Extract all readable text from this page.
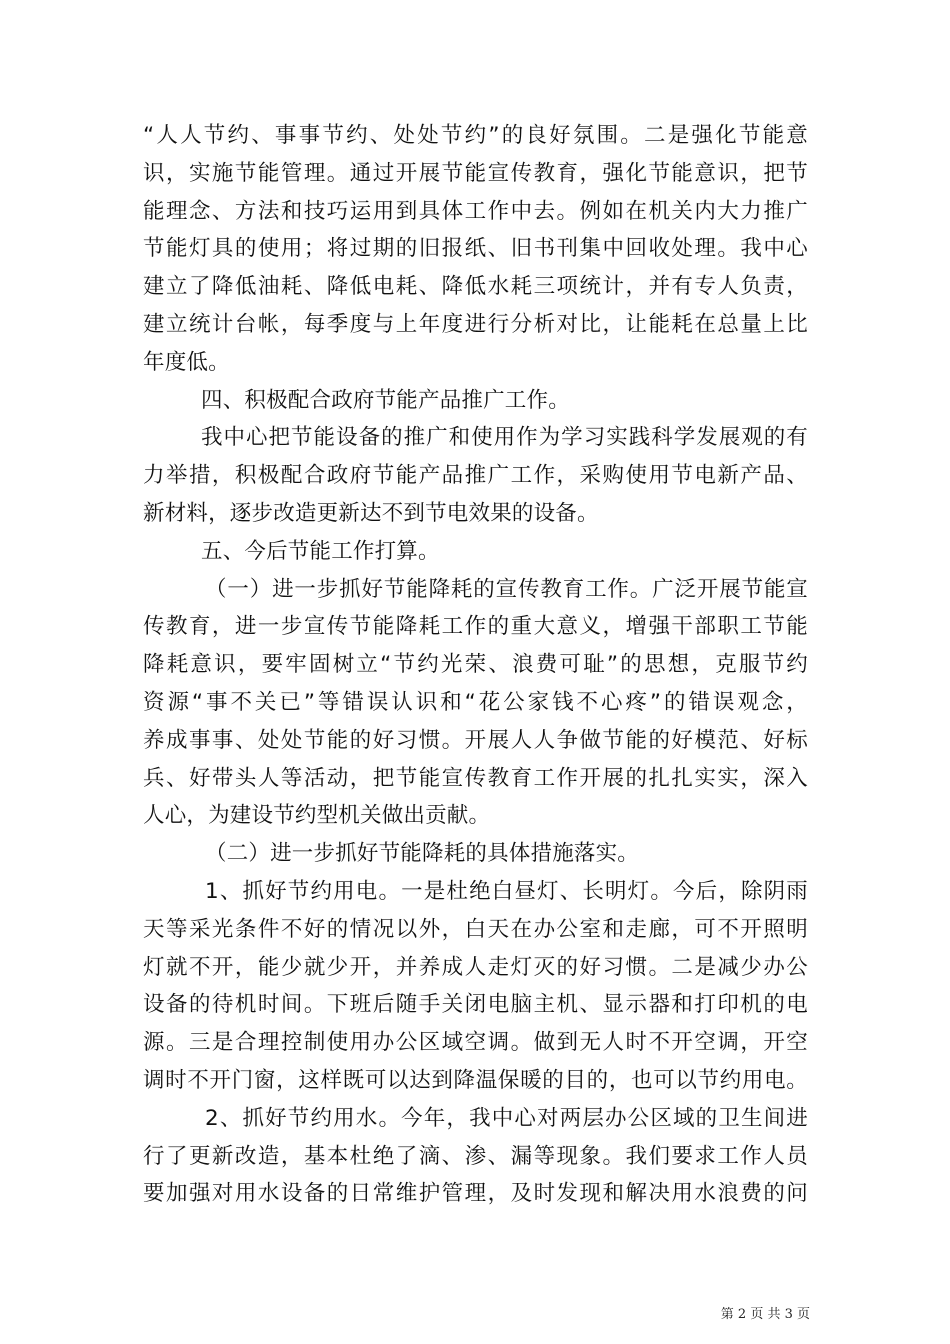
“人人节约、事事节约、处处节约”的良好氛围。二是强化节能意
识，实施节能管理。通过开展节能宣传教育，强化节能意识，把节
能理念、方法和技巧运用到具体工作中去。例如在机关内大力推广
节能灯具的使用；将过期的旧报纸、旧书刊集中回收处理。我中心
建立了降低油耗、降低电耗、降低水耗三项统计，并有专人负责，
建立统计台帐，每季度与上年度进行分析对比，让能耗在总量上比
年度低。
四、积极配合政府节能产品推广工作。
我中心把节能设备的推广和使用作为学习实践科学发展观的有
力举措，积极配合政府节能产品推广工作，采购使用节电新产品、
新材料，逐步改造更新达不到节电效果的设备。
五、今后节能工作打算。
（一）进一步抓好节能降耗的宣传教育工作。广泛开展节能宣
传教育，进一步宣传节能降耗工作的重大意义，增强干部职工节能
降耗意识，要牢固树立“节约光荣、浪费可耻”的思想，克服节约
资源“事不关已”等错误认识和“花公家钱不心疼”的错误观念，
养成事事、处处节能的好习惯。开展人人争做节能的好模范、好标
兵、好带头人等活动，把节能宣传教育工作开展的扎扎实实，深入
人心，为建设节约型机关做出贡献。
（二）进一步抓好节能降耗的具体措施落实。
1、抓好节约用电。一是杜绝白昼灯、长明灯。今后，除阴雨
天等采光条件不好的情况以外，白天在办公室和走廊，可不开照明
灯就不开，能少就少开，并养成人走灯灭的好习惯。二是减少办公
设备的待机时间。下班后随手关闭电脑主机、显示器和打印机的电
源。三是合理控制使用办公区域空调。做到无人时不开空调，开空
调时不开门窗，这样既可以达到降温保暖的目的，也可以节约用电。
2、抓好节约用水。今年，我中心对两层办公区域的卫生间进
行了更新改造，基本杜绝了滴、渗、漏等现象。我们要求工作人员
要加强对用水设备的日常维护管理，及时发现和解决用水浪费的问
第 2 页 共 3 页
